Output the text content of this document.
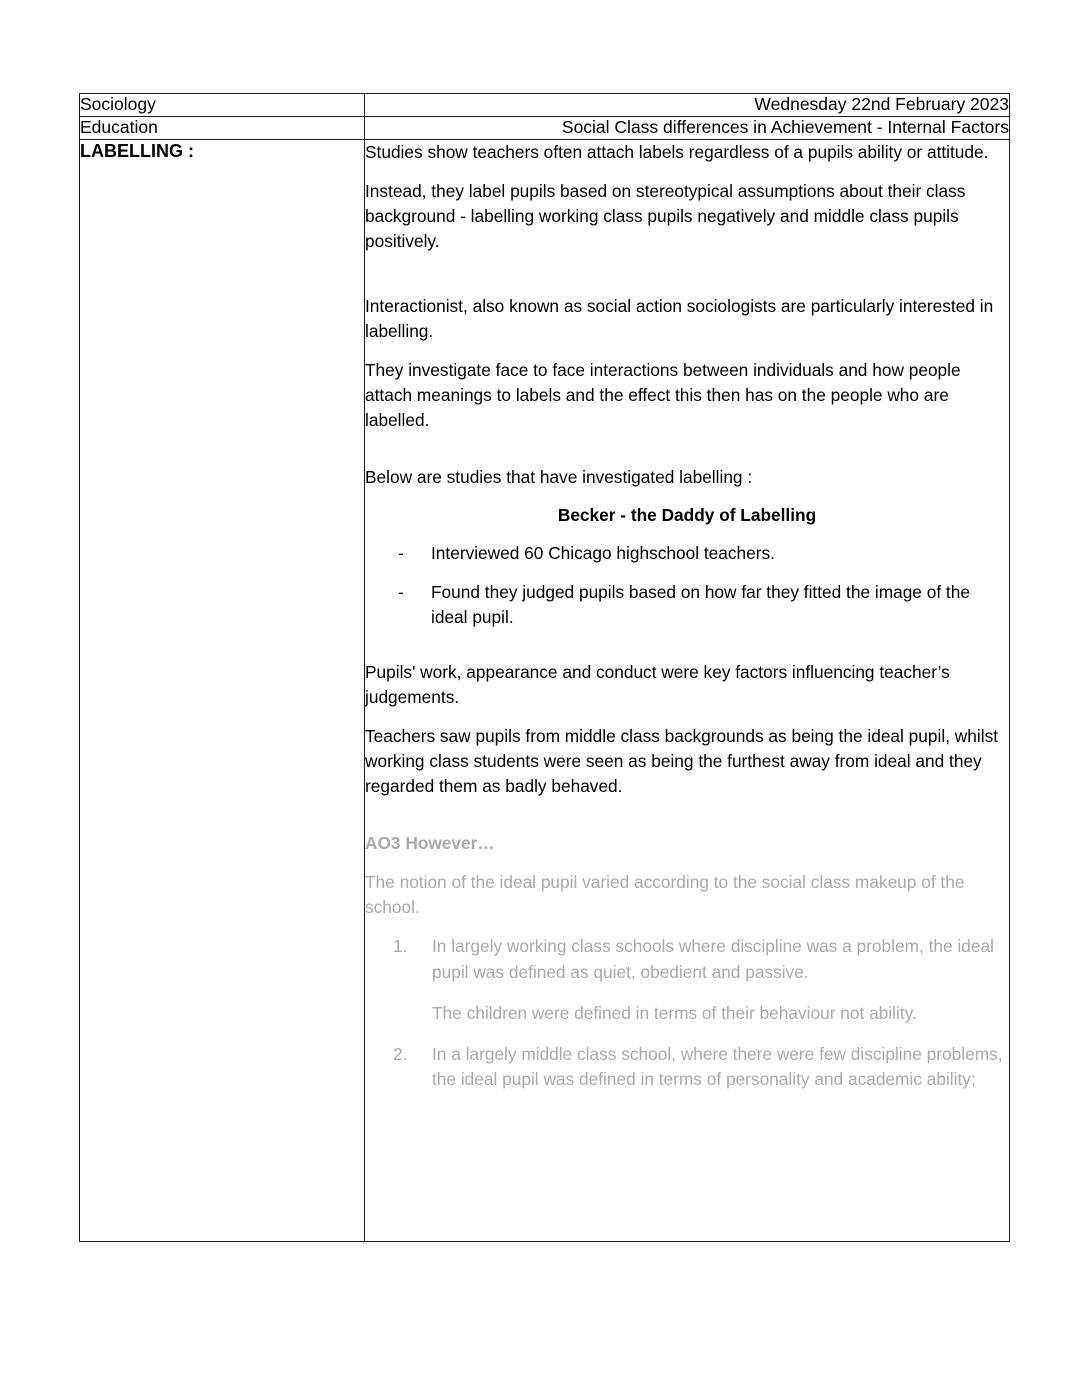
Sociology	Wednesday 22nd February 2023
Education	Social Class differences in Achievement - Internal Factors
LABELLING :	Studies show teachers often attach labels regardless of a pupils ability or attitude.

Instead, they label pupils based on stereotypical assumptions about their class background - labelling working class pupils negatively and middle class pupils positively.

Interactionist, also known as social action sociologists are particularly interested in labelling.

They investigate face to face interactions between individuals and how people attach meanings to labels and the effect this then has on the people who are labelled.

Below are studies that have investigated labelling :

Becker - the Daddy of Labelling

- Interviewed 60 Chicago highschool teachers.
- Found they judged pupils based on how far they fitted the image of the ideal pupil.

Pupils' work, appearance and conduct were key factors influencing teacher’s judgements.

Teachers saw pupils from middle class backgrounds as being the ideal pupil, whilst working class students were seen as being the furthest away from ideal and they regarded them as badly behaved.

AO3 However…

The notion of the ideal pupil varied according to the social class makeup of the school.

1.	In largely working class schools where discipline was a problem, the ideal pupil was defined as quiet, obedient and passive.

The children were defined in terms of their behaviour not ability.

2.	In a largely middle class school, where there were few discipline problems, the ideal pupil was defined in terms of personality and academic ability;
